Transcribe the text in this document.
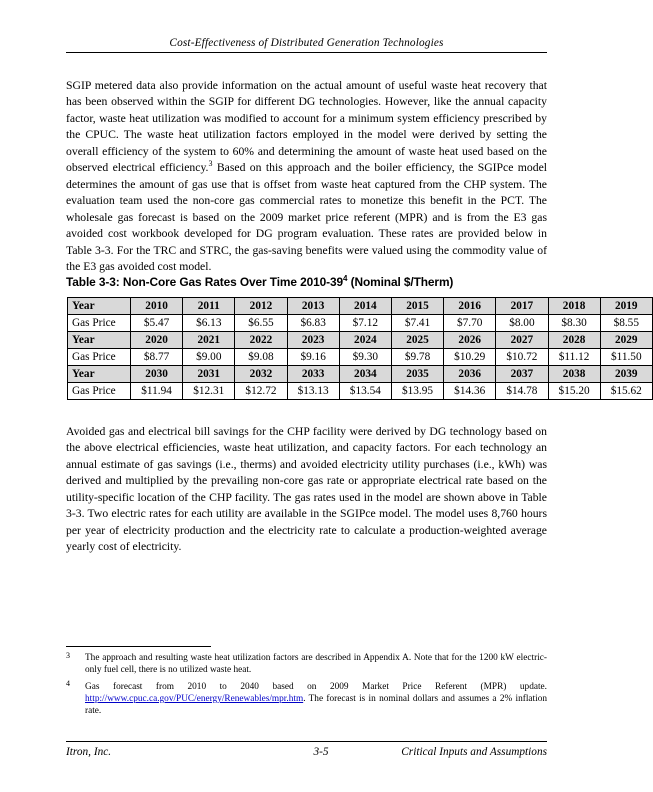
Cost-Effectiveness of Distributed Generation Technologies

SGIP metered data also provide information on the actual amount of useful waste heat recovery that has been observed within the SGIP for different DG technologies. However, like the annual capacity factor, waste heat utilization was modified to account for a minimum system efficiency prescribed by the CPUC. The waste heat utilization factors employed in the model were derived by setting the overall efficiency of the system to 60% and determining the amount of waste heat used based on the observed electrical efficiency.$^3$ Based on this approach and the boiler efficiency, the SGIPce model determines the amount of gas use that is offset from waste heat captured from the CHP system. The evaluation team used the non-core gas commercial rates to monetize this benefit in the PCT. The wholesale gas forecast is based on the 2009 market price referent (MPR) and is from the E3 gas avoided cost workbook developed for DG program evaluation. These rates are provided below in Table 3-3. For the TRC and STRC, the gas-saving benefits were valued using the commodity value of the E3 gas avoided cost model.

Table 3-3: Non-Core Gas Rates Over Time $2010-39^4$ (Nominal $/Therm)
Year	2010	2011	2012	2013	2014	2015	2016	2017	2018	2019
Gas Price	$5.47	$6.13	$6.55	$6.83	$7.12	$7.41	$7.70	$8.00	$8.30	$8.55
Year	2020	2021	2022	2023	2024	2025	2026	2027	2028	2029
Gas Price	$8.77	$9.00	$9.08	$9.16	$9.30	$9.78	$10.29	$10.72	$11.12	$11.50
Year	2030	2031	2032	2033	2034	2035	2036	2037	2038	2039
Gas Price	$11.94	$12.31	$12.72	$13.13	$13.54	$13.95	$14.36	$14.78	$15.20	$15.62

Avoided gas and electrical bill savings for the CHP facility were derived by DG technology based on the above electrical efficiencies, waste heat utilization, and capacity factors. For each technology an annual estimate of gas savings (i.e., therms) and avoided electricity utility purchases (i.e., kWh) was derived and multiplied by the prevailing non-core gas rate or appropriate electrical rate based on the utility-specific location of the CHP facility. The gas rates used in the model are shown above in Table 3-3. Two electric rates for each utility are available in the SGIPce model. The model uses 8,760 hours per year of electricity production and the electricity rate to calculate a production-weighted average yearly cost of electricity.

3 The approach and resulting waste heat utilization factors are described in Appendix A. Note that for the 1200 kW electric-only fuel cell, there is no utilized waste heat.
4 Gas forecast from 2010 to 2040 based on 2009 Market Price Referent (MPR) update. http://www.cpuc.ca.gov/PUC/energy/Renewables/mpr.htm. The forecast is in nominal dollars and assumes a 2% inflation rate.
Itron, Inc.	3-5	Critical Inputs and Assumptions
